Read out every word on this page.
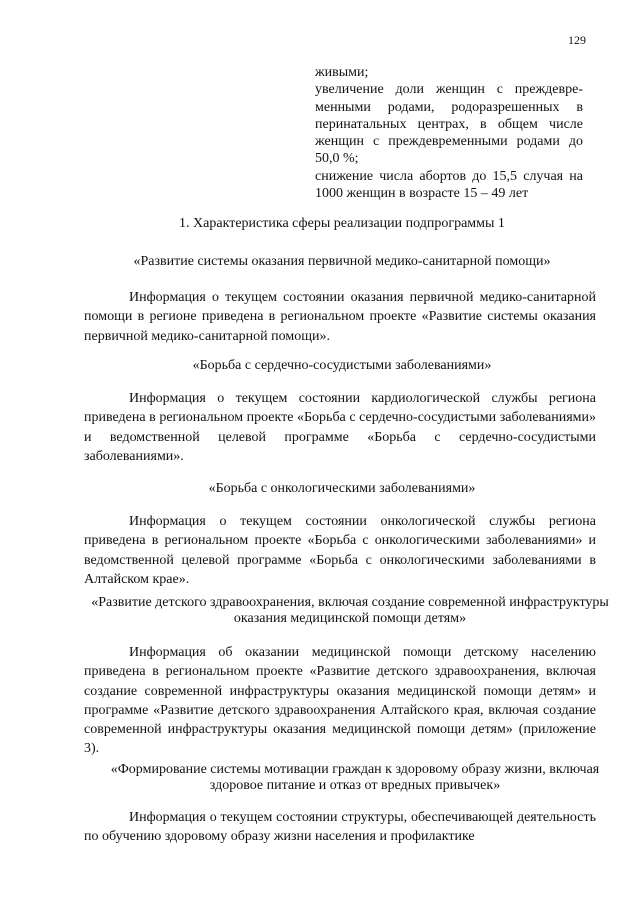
129

живыми;

увеличение доли женщин с преждевре-менными родами, родоразрешенных в перинатальных центрах, в общем числе женщин с преждевременными родами до 50,0 %;

снижение числа абортов до 15,5 случая на 1000 женщин в возрасте 15 – 49 лет

1. Характеристика сферы реализации подпрограммы 1
«Развитие системы оказания первичной медико-санитарной помощи»

Информация о текущем состоянии оказания первичной медико-санитарной помощи в регионе приведена в региональном проекте «Развитие системы оказания первичной медико-санитарной помощи».

«Борьба с сердечно-сосудистыми заболеваниями»

Информация о текущем состоянии кардиологической службы региона приведена в региональном проекте «Борьба с сердечно-сосудистыми заболеваниями» и ведомственной целевой программе «Борьба с сердечно-сосудистыми заболеваниями».

«Борьба с онкологическими заболеваниями»

Информация о текущем состоянии онкологической службы региона приведена в региональном проекте «Борьба с онкологическими заболеваниями» и ведомственной целевой программе «Борьба с онкологическими заболеваниями в Алтайском крае».

«Развитие детского здравоохранения, включая создание современной инфраструктуры оказания медицинской помощи детям»

Информация об оказании медицинской помощи детскому населению приведена в региональном проекте «Развитие детского здравоохранения, включая создание современной инфраструктуры оказания медицинской помощи детям» и программе «Развитие детского здравоохранения Алтайского края, включая создание современной инфраструктуры оказания медицинской помощи детям» (приложение 3).

«Формирование системы мотивации граждан к здоровому образу жизни, включая здоровое питание и отказ от вредных привычек»

Информация о текущем состоянии структуры, обеспечивающей деятельность по обучению здоровому образу жизни населения и профилактике
